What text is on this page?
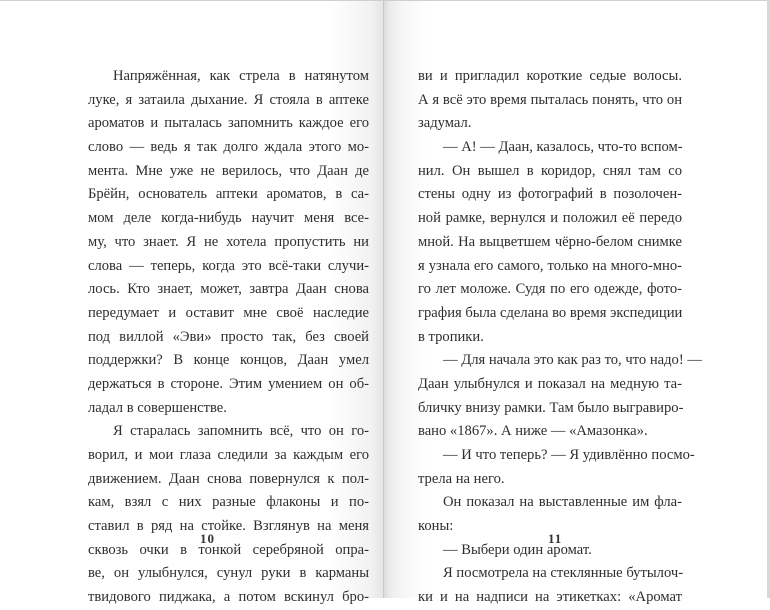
Напряжённая, как стрела в натянутом
луке, я затаила дыхание. Я стояла в аптеке
ароматов и пыталась запомнить каждое его
слово — ведь я так долго ждала этого мо-
мента. Мне уже не верилось, что Даан де
Брёйн, основатель аптеки ароматов, в са-
мом деле когда-нибудь научит меня все-
му, что знает. Я не хотела пропустить ни
слова — теперь, когда это всё-таки случи-
лось. Кто знает, может, завтра Даан снова
передумает и оставит мне своё наследие
под виллой «Эви» просто так, без своей
поддержки? В конце концов, Даан умел
держаться в стороне. Этим умением он об-
ладал в совершенстве.
Я старалась запомнить всё, что он го-
ворил, и мои глаза следили за каждым его
движением. Даан снова повернулся к пол-
кам, взял с них разные флаконы и по-
ставил в ряд на стойке. Взглянув на меня
сквозь очки в тонкой серебряной опра-
ве, он улыбнулся, сунул руки в карманы
твидового пиджака, а потом вскинул бро-
10
ви и пригладил короткие седые волосы.
А я всё это время пыталась понять, что он
задумал.
— А! — Даан, казалось, что-то вспом-
нил. Он вышел в коридор, снял там со
стены одну из фотографий в позолочен-
ной рамке, вернулся и положил её передо
мной. На выцветшем чёрно-белом снимке
я узнала его самого, только на много-мно-
го лет моложе. Судя по его одежде, фото-
графия была сделана во время экспедиции
в тропики.
— Для начала это как раз то, что надо! —
Даан улыбнулся и показал на медную та-
бличку внизу рамки. Там было выгравиро-
вано «1867». А ниже — «Амазонка».
— И что теперь? — Я удивлённо посмо-
трела на него.
Он показал на выставленные им фла-
коны:
— Выбери один аромат.
Я посмотрела на стеклянные бутылоч-
ки и на надписи на этикетках: «Аромат
11
